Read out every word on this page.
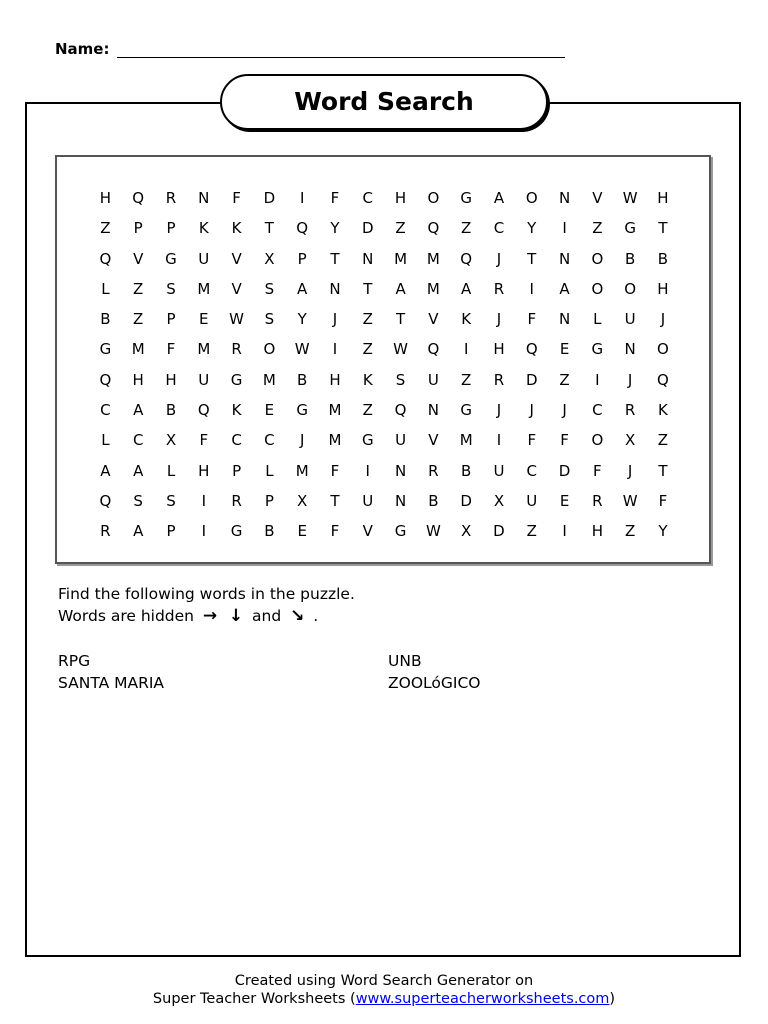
Name:
Word Search
H	Q	R	N	F	D	I	F	C	H	O	G	A	O	N	V	W	H
Z	P	P	K	K	T	Q	Y	D	Z	Q	Z	C	Y	I	Z	G	T
Q	V	G	U	V	X	P	T	N	M	M	Q	J	T	N	O	B	B
L	Z	S	M	V	S	A	N	T	A	M	A	R	I	A	O	O	H
B	Z	P	E	W	S	Y	J	Z	T	V	K	J	F	N	L	U	J
G	M	F	M	R	O	W	I	Z	W	Q	I	H	Q	E	G	N	O
Q	H	H	U	G	M	B	H	K	S	U	Z	R	D	Z	I	J	Q
C	A	B	Q	K	E	G	M	Z	Q	N	G	J	J	J	C	R	K
L	C	X	F	C	C	J	M	G	U	V	M	I	F	F	O	X	Z
A	A	L	H	P	L	M	F	I	N	R	B	U	C	D	F	J	T
Q	S	S	I	R	P	X	T	U	N	B	D	X	U	E	R	W	F
R	A	P	I	G	B	E	F	V	G	W	X	D	Z	I	H	Z	Y
Find the following words in the puzzle.
Words are hidden → ↓ and ↘ .
RPG	UNB
SANTA MARIA	ZOOLóGICO
Created using Word Search Generator on
Super Teacher Worksheets (www.superteacherworksheets.com)
